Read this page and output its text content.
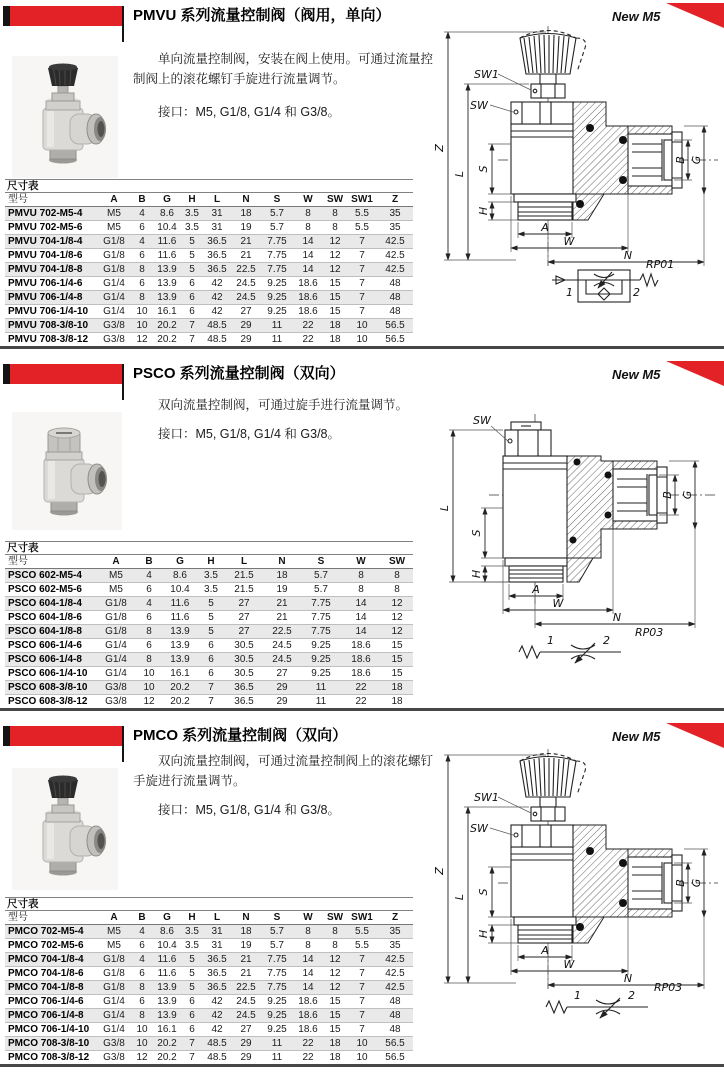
PMVU 系列流量控制阀（阀用，单向）	New M5
单向流量控制阀，安装在阀上使用。可通过流量控制阀上的滚花螺钉手旋进行流量调节。
接口：M5, G1/8, G1/4 和 G3/8。
SW1
SW
Z
L
S
H
A
W
N
B G
1	2
RP01
尺寸表
型号	A	B	G	H	L	N	S	W	SW	SW1	Z
PMVU 702-M5-4	M5	4	8.6	3.5	31	18	5.7	8	8	5.5	35
PMVU 702-M5-6	M5	6	10.4	3.5	31	19	5.7	8	8	5.5	35
PMVU 704-1/8-4	G1/8	4	11.6	5	36.5	21	7.75	14	12	7	42.5
PMVU 704-1/8-6	G1/8	6	11.6	5	36.5	21	7.75	14	12	7	42.5
PMVU 704-1/8-8	G1/8	8	13.9	5	36.5	22.5	7.75	14	12	7	42.5
PMVU 706-1/4-6	G1/4	6	13.9	6	42	24.5	9.25	18.6	15	7	48
PMVU 706-1/4-8	G1/4	8	13.9	6	42	24.5	9.25	18.6	15	7	48
PMVU 706-1/4-10	G1/4	10	16.1	6	42	27	9.25	18.6	15	7	48
PMVU 708-3/8-10	G3/8	10	20.2	7	48.5	29	11	22	18	10	56.5
PMVU 708-3/8-12	G3/8	12	20.2	7	48.5	29	11	22	18	10	56.5
PSCO 系列流量控制阀（双向）	New M5
双向流量控制阀，可通过旋手进行流量调节。
接口：M5, G1/8, G1/4 和 G3/8。
SW
L
S
H
A
W
N
B G
1	2
RP03
尺寸表
型号	A	B	G	H	L	N	S	W	SW
PSCO 602-M5-4	M5	4	8.6	3.5	21.5	18	5.7	8	8
PSCO 602-M5-6	M5	6	10.4	3.5	21.5	19	5.7	8	8
PSCO 604-1/8-4	G1/8	4	11.6	5	27	21	7.75	14	12
PSCO 604-1/8-6	G1/8	6	11.6	5	27	21	7.75	14	12
PSCO 604-1/8-8	G1/8	8	13.9	5	27	22.5	7.75	14	12
PSCO 606-1/4-6	G1/4	6	13.9	6	30.5	24.5	9.25	18.6	15
PSCO 606-1/4-8	G1/4	8	13.9	6	30.5	24.5	9.25	18.6	15
PSCO 606-1/4-10	G1/4	10	16.1	6	30.5	27	9.25	18.6	15
PSCO 608-3/8-10	G3/8	10	20.2	7	36.5	29	11	22	18
PSCO 608-3/8-12	G3/8	12	20.2	7	36.5	29	11	22	18
PMCO 系列流量控制阀（双向）	New M5
双向流量控制阀，可通过流量控制阀上的滚花螺钉手旋进行流量调节。
接口：M5, G1/8, G1/4 和 G3/8。
SW1
SW
Z
L
S
H
A
W
N
B G
1	2
RP03
尺寸表
型号	A	B	G	H	L	N	S	W	SW	SW1	Z
PMCO 702-M5-4	M5	4	8.6	3.5	31	18	5.7	8	8	5.5	35
PMCO 702-M5-6	M5	6	10.4	3.5	31	19	5.7	8	8	5.5	35
PMCO 704-1/8-4	G1/8	4	11.6	5	36.5	21	7.75	14	12	7	42.5
PMCO 704-1/8-6	G1/8	6	11.6	5	36.5	21	7.75	14	12	7	42.5
PMCO 704-1/8-8	G1/8	8	13.9	5	36.5	22.5	7.75	14	12	7	42.5
PMCO 706-1/4-6	G1/4	6	13.9	6	42	24.5	9.25	18.6	15	7	48
PMCO 706-1/4-8	G1/4	8	13.9	6	42	24.5	9.25	18.6	15	7	48
PMCO 706-1/4-10	G1/4	10	16.1	6	42	27	9.25	18.6	15	7	48
PMCO 708-3/8-10	G3/8	10	20.2	7	48.5	29	11	22	18	10	56.5
PMCO 708-3/8-12	G3/8	12	20.2	7	48.5	29	11	22	18	10	56.5
